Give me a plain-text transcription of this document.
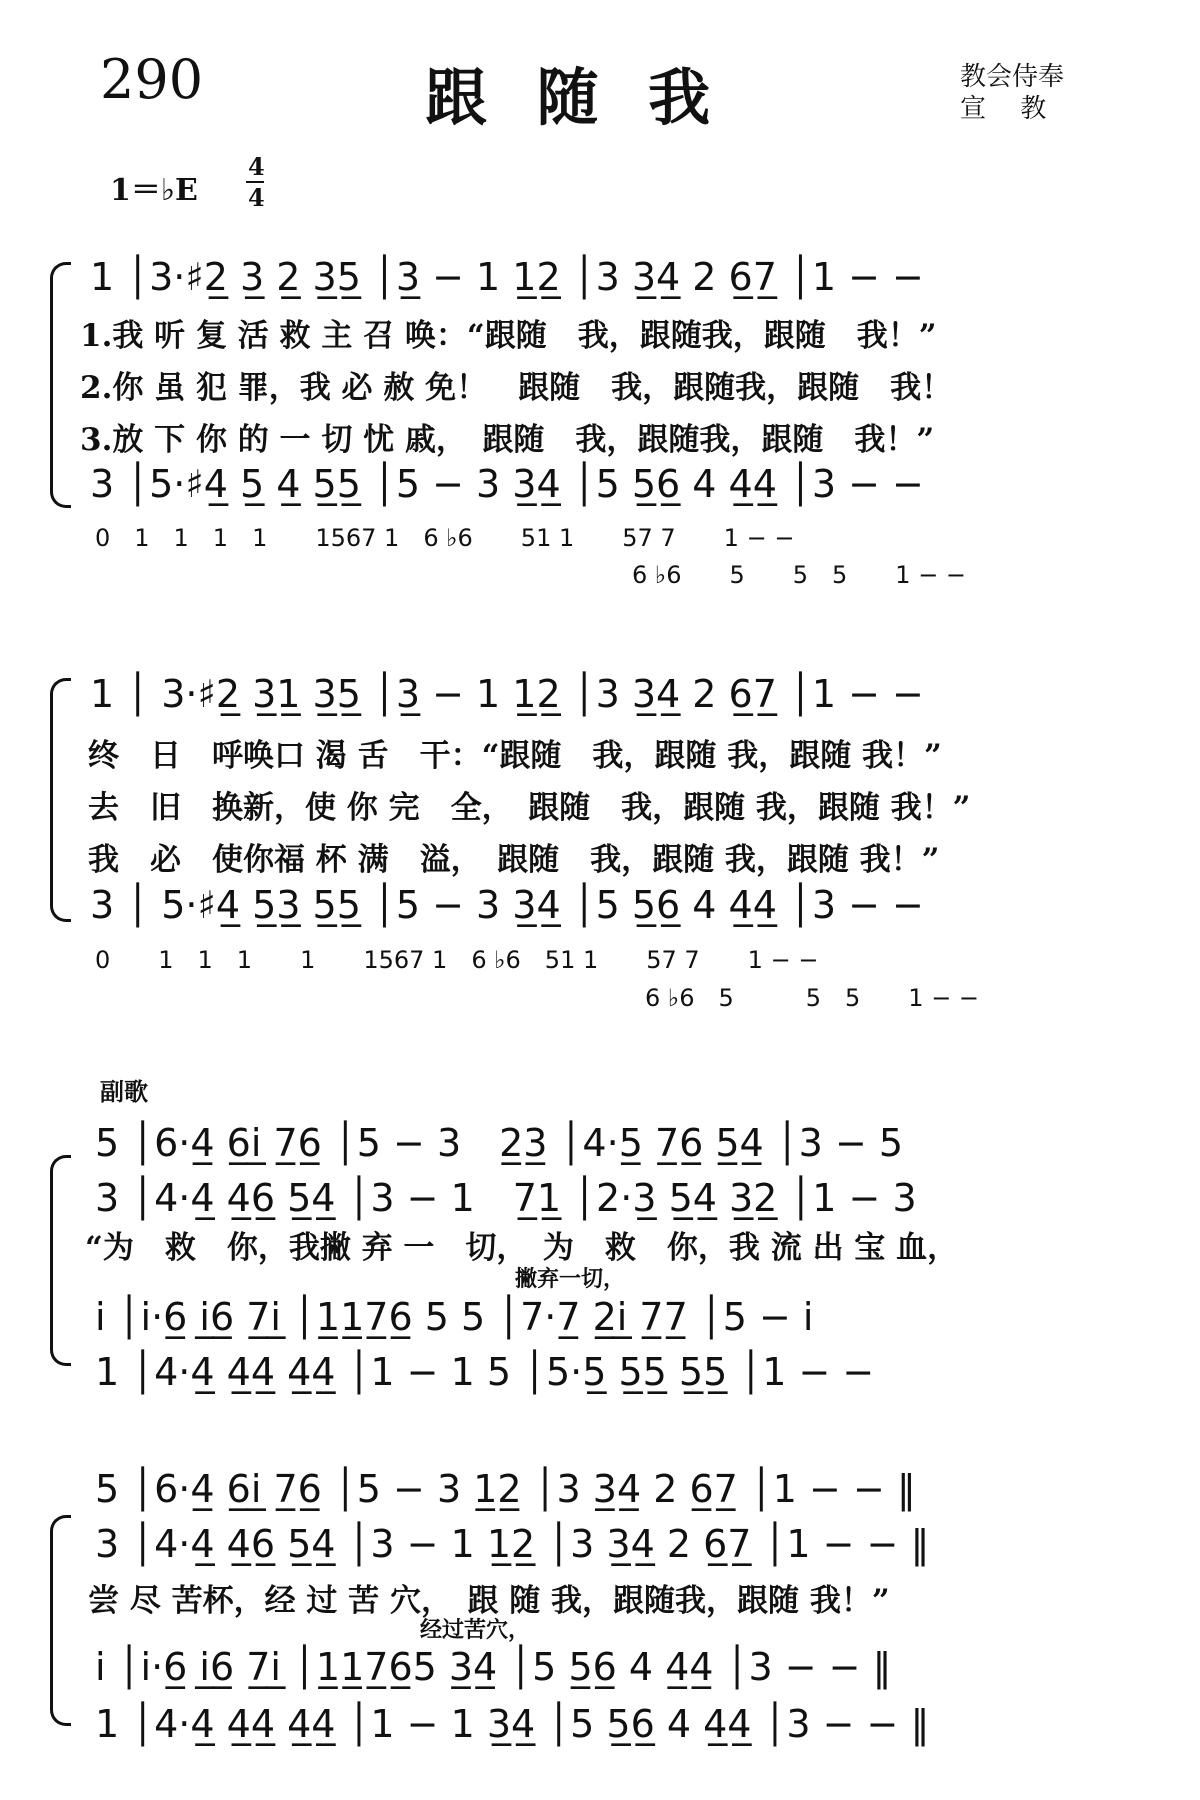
290	跟 随 我	教会侍奉
宣　 教
1＝♭E
4
4
1 │3·♯2̲ 3̲ 2̲ 3̲5̲ │3̲ − 1 1̲2̲ │3 3̲4̲ 2 6̲7̲ │1 − −
1.我 听 复 活 救 主 召 唤：“跟随　我，跟随我，跟随　我！”
2.你 虽 犯 罪，我 必 赦 免！　跟随　我，跟随我，跟随　我！
3.放 下 你 的 一 切 忧 戚，　跟随　我，跟随我，跟随　我！”
3 │5·♯4̲ 5̲ 4̲ 5̲5̲ │5 − 3 3̲4̲ │5 5̲6̲ 4 4̲4̲ │3 − −
0　1　1　1　1　　1567 1　6 ♭6　　51 1　　57 7　　1 − −
6 ♭6　　5　　5　5　　1 − −
1 │ 3·♯2̲ 3̲1̲ 3̲5̲ │3̲ − 1 1̲2̲ │3 3̲4̲ 2 6̲7̲ │1 − −
终　日　呼唤口 渴 舌　干：“跟随　我，跟随 我，跟随 我！”
去　旧　换新，使 你 完　全，　跟随　我，跟随 我，跟随 我！”
我　必　使你福 杯 满　溢，　跟随　我，跟随 我，跟随 我！”
3 │ 5·♯4̲ 5̲3̲ 5̲5̲ │5 − 3 3̲4̲ │5 5̲6̲ 4 4̲4̲ │3 − −
0　　1　1　1　　1　　1567 1　6 ♭6　51 1　　57 7　　1 − −
6 ♭6　5　　　5　5　　1 − −
副歌
5 │6·4̲ 6̲i̲ 7̲6̲ │5 − 3　2̲3̲ │4·5̲ 7̲6̲ 5̲4̲ │3 − 5
3 │4·4̲ 4̲6̲ 5̲4̲ │3 − 1　7̲1̲ │2·3̲ 5̲4̲ 3̲2̲ │1 − 3
“为　救　你，我撇 弃 一　切，　为　救　你，我 流 出 宝 血，
撇弃一切，
i │i·6̲ i̲6̲ 7̲i̲ │1̲1̲7̲6̲ 5 5 │7·7̲ 2̲i̲ 7̲7̲ │5 − i
1 │4·4̲ 4̲4̲ 4̲4̲ │1 − 1 5 │5·5̲ 5̲5̲ 5̲5̲ │1 − −
5 │6·4̲ 6̲i̲ 7̲6̲ │5 − 3 1̲2̲ │3 3̲4̲ 2 6̲7̲ │1 − − ‖
3 │4·4̲ 4̲6̲ 5̲4̲ │3 − 1 1̲2̲ │3 3̲4̲ 2 6̲7̲ │1 − − ‖
尝 尽 苦杯，经 过 苦 穴，　跟 随 我，跟随我，跟随 我！”
经过苦穴，
i │i·6̲ i̲6̲ 7̲i̲ │1̲1̲7̲6̲5 3̲4̲ │5 5̲6̲ 4 4̲4̲ │3 − − ‖
1 │4·4̲ 4̲4̲ 4̲4̲ │1 − 1 3̲4̲ │5 5̲6̲ 4 4̲4̲ │3 − − ‖
